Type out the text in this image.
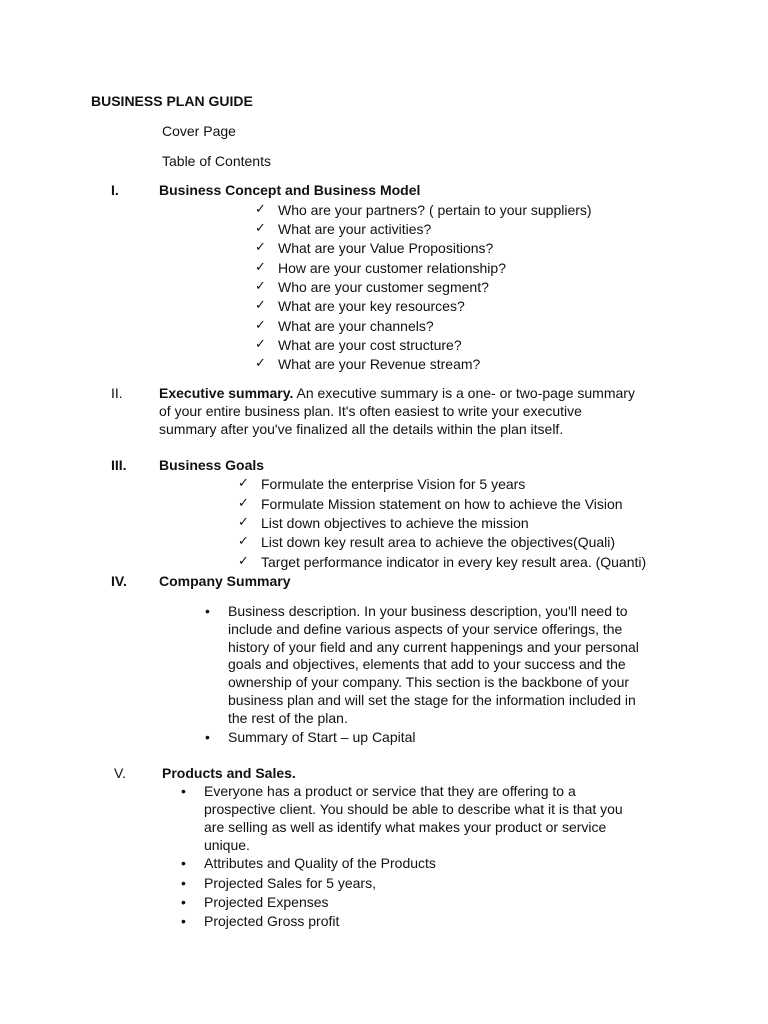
BUSINESS PLAN GUIDE
Cover Page
Table of Contents
I.	Business Concept and Business Model
✓ Who are your partners? ( pertain to your suppliers)
✓ What are your activities?
✓ What are your Value Propositions?
✓ How are your customer relationship?
✓ Who are your customer segment?
✓ What are your key resources?
✓ What are your channels?
✓ What are your cost structure?
✓ What are your Revenue stream?
II.	Executive summary. An executive summary is a one- or two-page summary
of your entire business plan. It's often easiest to write your executive
summary after you've finalized all the details within the plan itself.
III. Business Goals
✓ Formulate the enterprise Vision for 5 years
✓ Formulate Mission statement on how to achieve the Vision
✓ List down objectives to achieve the mission
✓ List down key result area to achieve the objectives(Quali)
✓ Target performance indicator in every key result area. (Quanti)
IV. Company Summary
• Business description. In your business description, you'll need to
include and define various aspects of your service offerings, the
history of your field and any current happenings and your personal
goals and objectives, elements that add to your success and the
ownership of your company. This section is the backbone of your
business plan and will set the stage for the information included in
the rest of the plan.
• Summary of Start – up Capital
V.	Products and Sales.
• Everyone has a product or service that they are offering to a
prospective client. You should be able to describe what it is that you
are selling as well as identify what makes your product or service
unique.
• Attributes and Quality of the Products
• Projected Sales for 5 years,
• Projected Expenses
• Projected Gross profit
